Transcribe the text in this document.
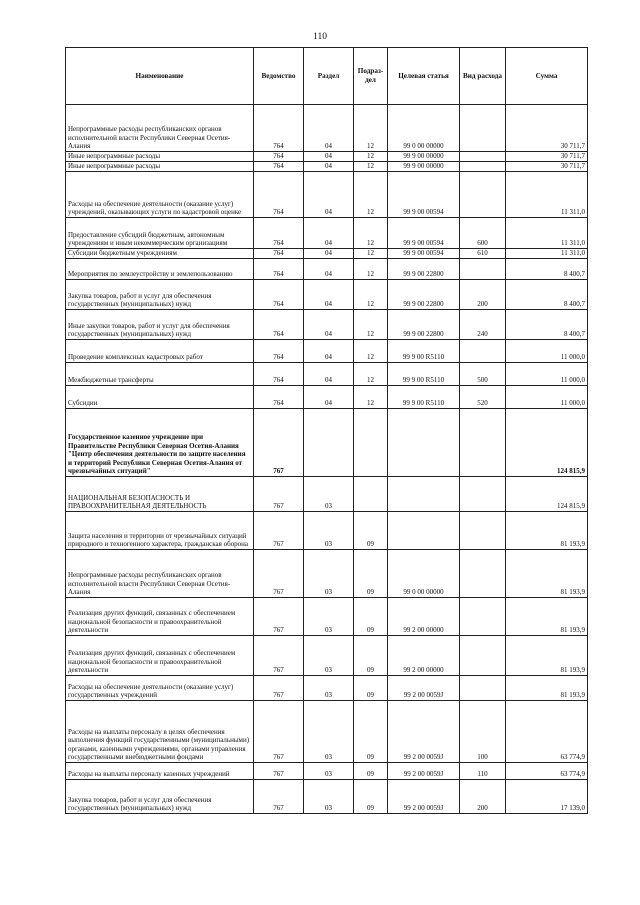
110
Наименование	Ведомство	Раздел	Подраз-дел	Целевая статья	Вид расхода	Сумма
Непрограммные расходы республиканских органов исполнительной власти Республики Северная Осетия-Алания	764	04	12	99 0 00 00000		30 711,7
Иные непрограммные расходы	764	04	12	99 9 00 00000		30 711,7
Иные непрограммные расходы	764	04	12	99 9 00 00000		30 711,7
Расходы на обеспечение деятельности (оказание услуг) учреждений, оказывающих услуги по кадастровой оценке	764	04	12	99 9 00 00594		11 311,0
Предоставление субсидий бюджетным, автономным учреждениям и иным некоммерческим организациям	764	04	12	99 9 00 00594	600	11 311,0
Субсидии бюджетным учреждениям	764	04	12	99 9 00 00594	610	11 311,0
Мероприятия по землеустройству и землепользованию	764	04	12	99 9 00 22800		8 400,7
Закупка товаров, работ и услуг для обеспечения государственных (муниципальных) нужд	764	04	12	99 9 00 22800	200	8 400,7
Иные закупки товаров, работ и услуг для обеспечения государственных (муниципальных) нужд	764	04	12	99 9 00 22800	240	8 400,7
Проведение комплексных кадастровых работ	764	04	12	99 9 00 R5110		11 000,0
Межбюджетные трансферты	764	04	12	99 9 00 R5110	500	11 000,0
Субсидии	764	04	12	99 9 00 R5110	520	11 000,0
Государственное казенное учреждение при Правительстве Республики Северная Осетия-Алания "Центр обеспечения деятельности по защите населения и территорий Республики Северная Осетия-Алания от чрезвычайных ситуаций"	767					124 815,9
НАЦИОНАЛЬНАЯ БЕЗОПАСНОСТЬ И ПРАВООХРАНИТЕЛЬНАЯ ДЕЯТЕЛЬНОСТЬ	767	03				124 815,9
Защита населения и территории от чрезвычайных ситуаций природного и техногенного характера, гражданская оборона	767	03	09			81 193,9
Непрограммные расходы республиканских органов исполнительной власти Республики Северная Осетия-Алания	767	03	09	99 0 00 00000		81 193,9
Реализация других функций, связанных с обеспечением национальной безопасности и правоохранительной деятельности	767	03	09	99 2 00 00000		81 193,9
Реализация других функций, связанных с обеспечением национальной безопасности и правоохранительной деятельности	767	03	09	99 2 00 00000		81 193,9
Расходы на обеспечение деятельности (оказание услуг) государственных учреждений	767	03	09	99 2 00 0059J		81 193,9
Расходы на выплаты персоналу в целях обеспечения выполнения функций государственными (муниципальными) органами, казенными учреждениями, органами управления государственными внебюджетными фондами	767	03	09	99 2 00 0059J	100	63 774,9
Расходы на выплаты персоналу казенных учреждений	767	03	09	99 2 00 0059J	110	63 774,9
Закупка товаров, работ и услуг для обеспечения государственных (муниципальных) нужд	767	03	09	99 2 00 0059J	200	17 139,0
